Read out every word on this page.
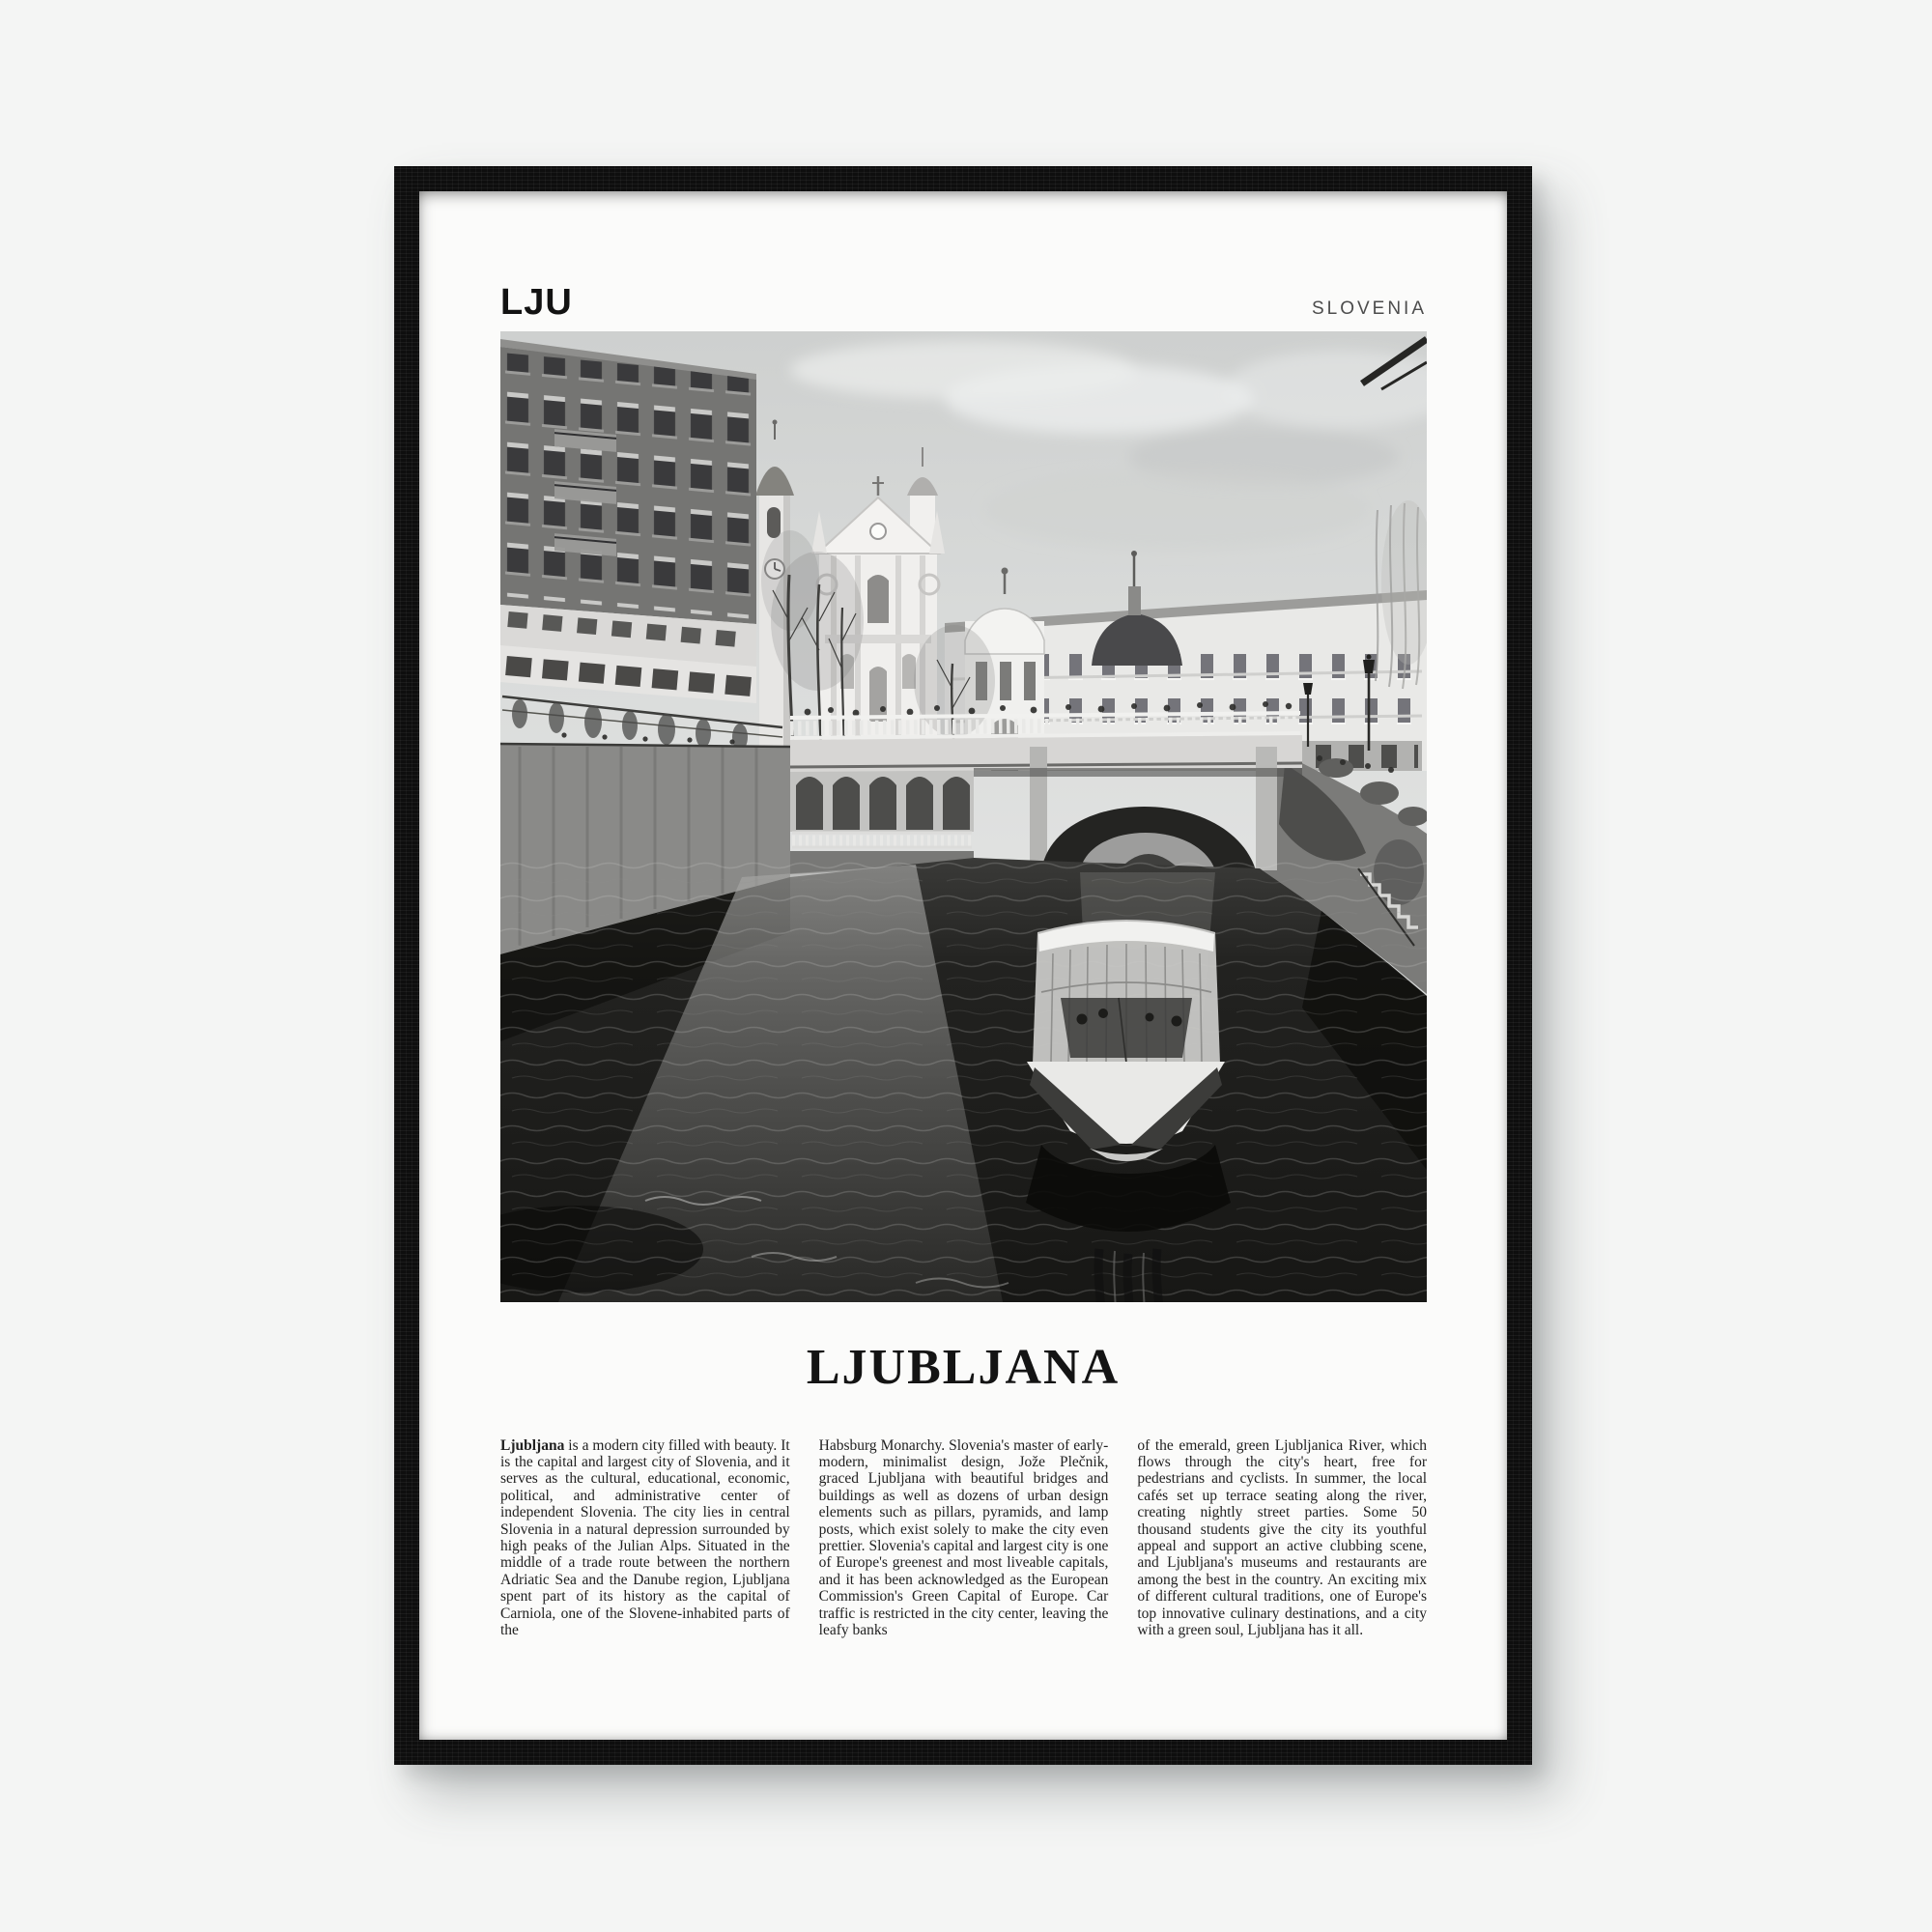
LJU	SLOVENIA
LJUBLJANA

Ljubljana is a modern city filled with beauty. It is the capital and largest city of Slovenia, and it serves as the cultural, educational, economic, political, and administrative center of independent Slovenia. The city lies in central Slovenia in a natural depression surrounded by high peaks of the Julian Alps. Situated in the middle of a trade route between the northern Adriatic Sea and the Danube region, Ljubljana spent part of its history as the capital of Carniola, one of the Slovene-inhabited parts of the

Habsburg Monarchy. Slovenia's master of early-modern, minimalist design, Jože Plečnik, graced Ljubljana with beautiful bridges and buildings as well as dozens of urban design elements such as pillars, pyramids, and lamp posts, which exist solely to make the city even prettier. Slovenia's capital and largest city is one of Europe's greenest and most liveable capitals, and it has been acknowledged as the European Commission's Green Capital of Europe. Car traffic is restricted in the city center, leaving the leafy banks

of the emerald, green Ljubljanica River, which flows through the city's heart, free for pedestrians and cyclists. In summer, the local cafés set up terrace seating along the river, creating nightly street parties. Some 50 thousand students give the city its youthful appeal and support an active clubbing scene, and Ljubljana's museums and restaurants are among the best in the country. An exciting mix of different cultural traditions, one of Europe's top innovative culinary destinations, and a city with a green soul, Ljubljana has it all.
